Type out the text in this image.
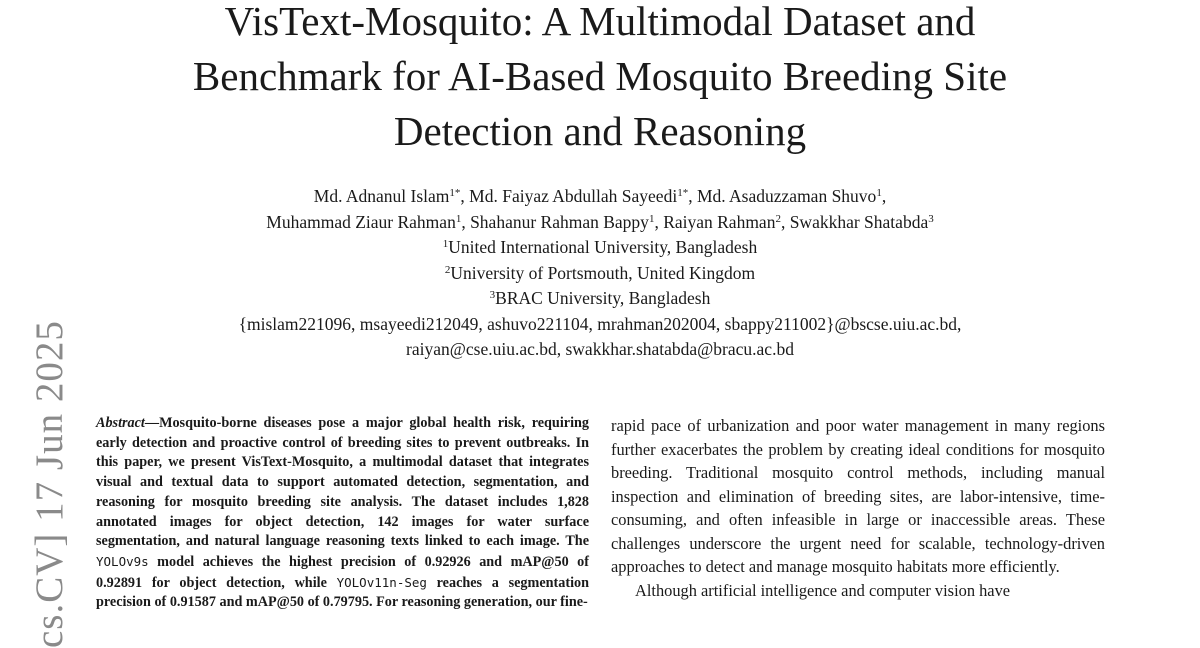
VisText-Mosquito: A Multimodal Dataset and
Benchmark for AI-Based Mosquito Breeding Site
Detection and Reasoning
Md. Adnanul Islam$^{1*}$, Md. Faiyaz Abdullah Sayeedi$^{1*}$, Md. Asaduzzaman Shuvo$^1$,
Muhammad Ziaur Rahman$^1$, Shahanur Rahman Bappy$^1$, Raiyan Rahman$^2$, Swakkhar Shatabda$^3$
$^1$United International University, Bangladesh
$^2$University of Portsmouth, United Kingdom
$^3$BRAC University, Bangladesh
{mislam221096, msayeedi212049, ashuvo221104, mrahman202004, sbappy211002}@bscse.uiu.ac.bd,
raiyan@cse.uiu.ac.bd, swakkhar.shatabda@bracu.ac.bd
cs.CV] 17 Jun 2025 Abstract—Mosquito-borne diseases pose a major global health risk, requiring early detection and proactive control of breeding sites to prevent outbreaks. In this paper, we present VisText-Mosquito, a multimodal dataset that integrates visual and textual data to support automated detection, segmentation, and reasoning for mosquito breeding site analysis. The dataset includes 1,828 annotated images for object detection, 142 images for water surface segmentation, and natural language reasoning texts linked to each image. The YOLOv9s model achieves the highest precision of 0.92926 and mAP@50 of 0.92891 for object detection, while YOLOv11n-Seg reaches a segmentation precision of 0.91587 and mAP@50 of 0.79795. For reasoning generation, our fine-

rapid pace of urbanization and poor water management in many regions further exacerbates the problem by creating ideal conditions for mosquito breeding. Traditional mosquito control methods, including manual inspection and elimination of breeding sites, are labor-intensive, time-consuming, and often infeasible in large or inaccessible areas. These challenges underscore the urgent need for scalable, technology-driven approaches to detect and manage mosquito habitats more efficiently.

Although artificial intelligence and computer vision have
